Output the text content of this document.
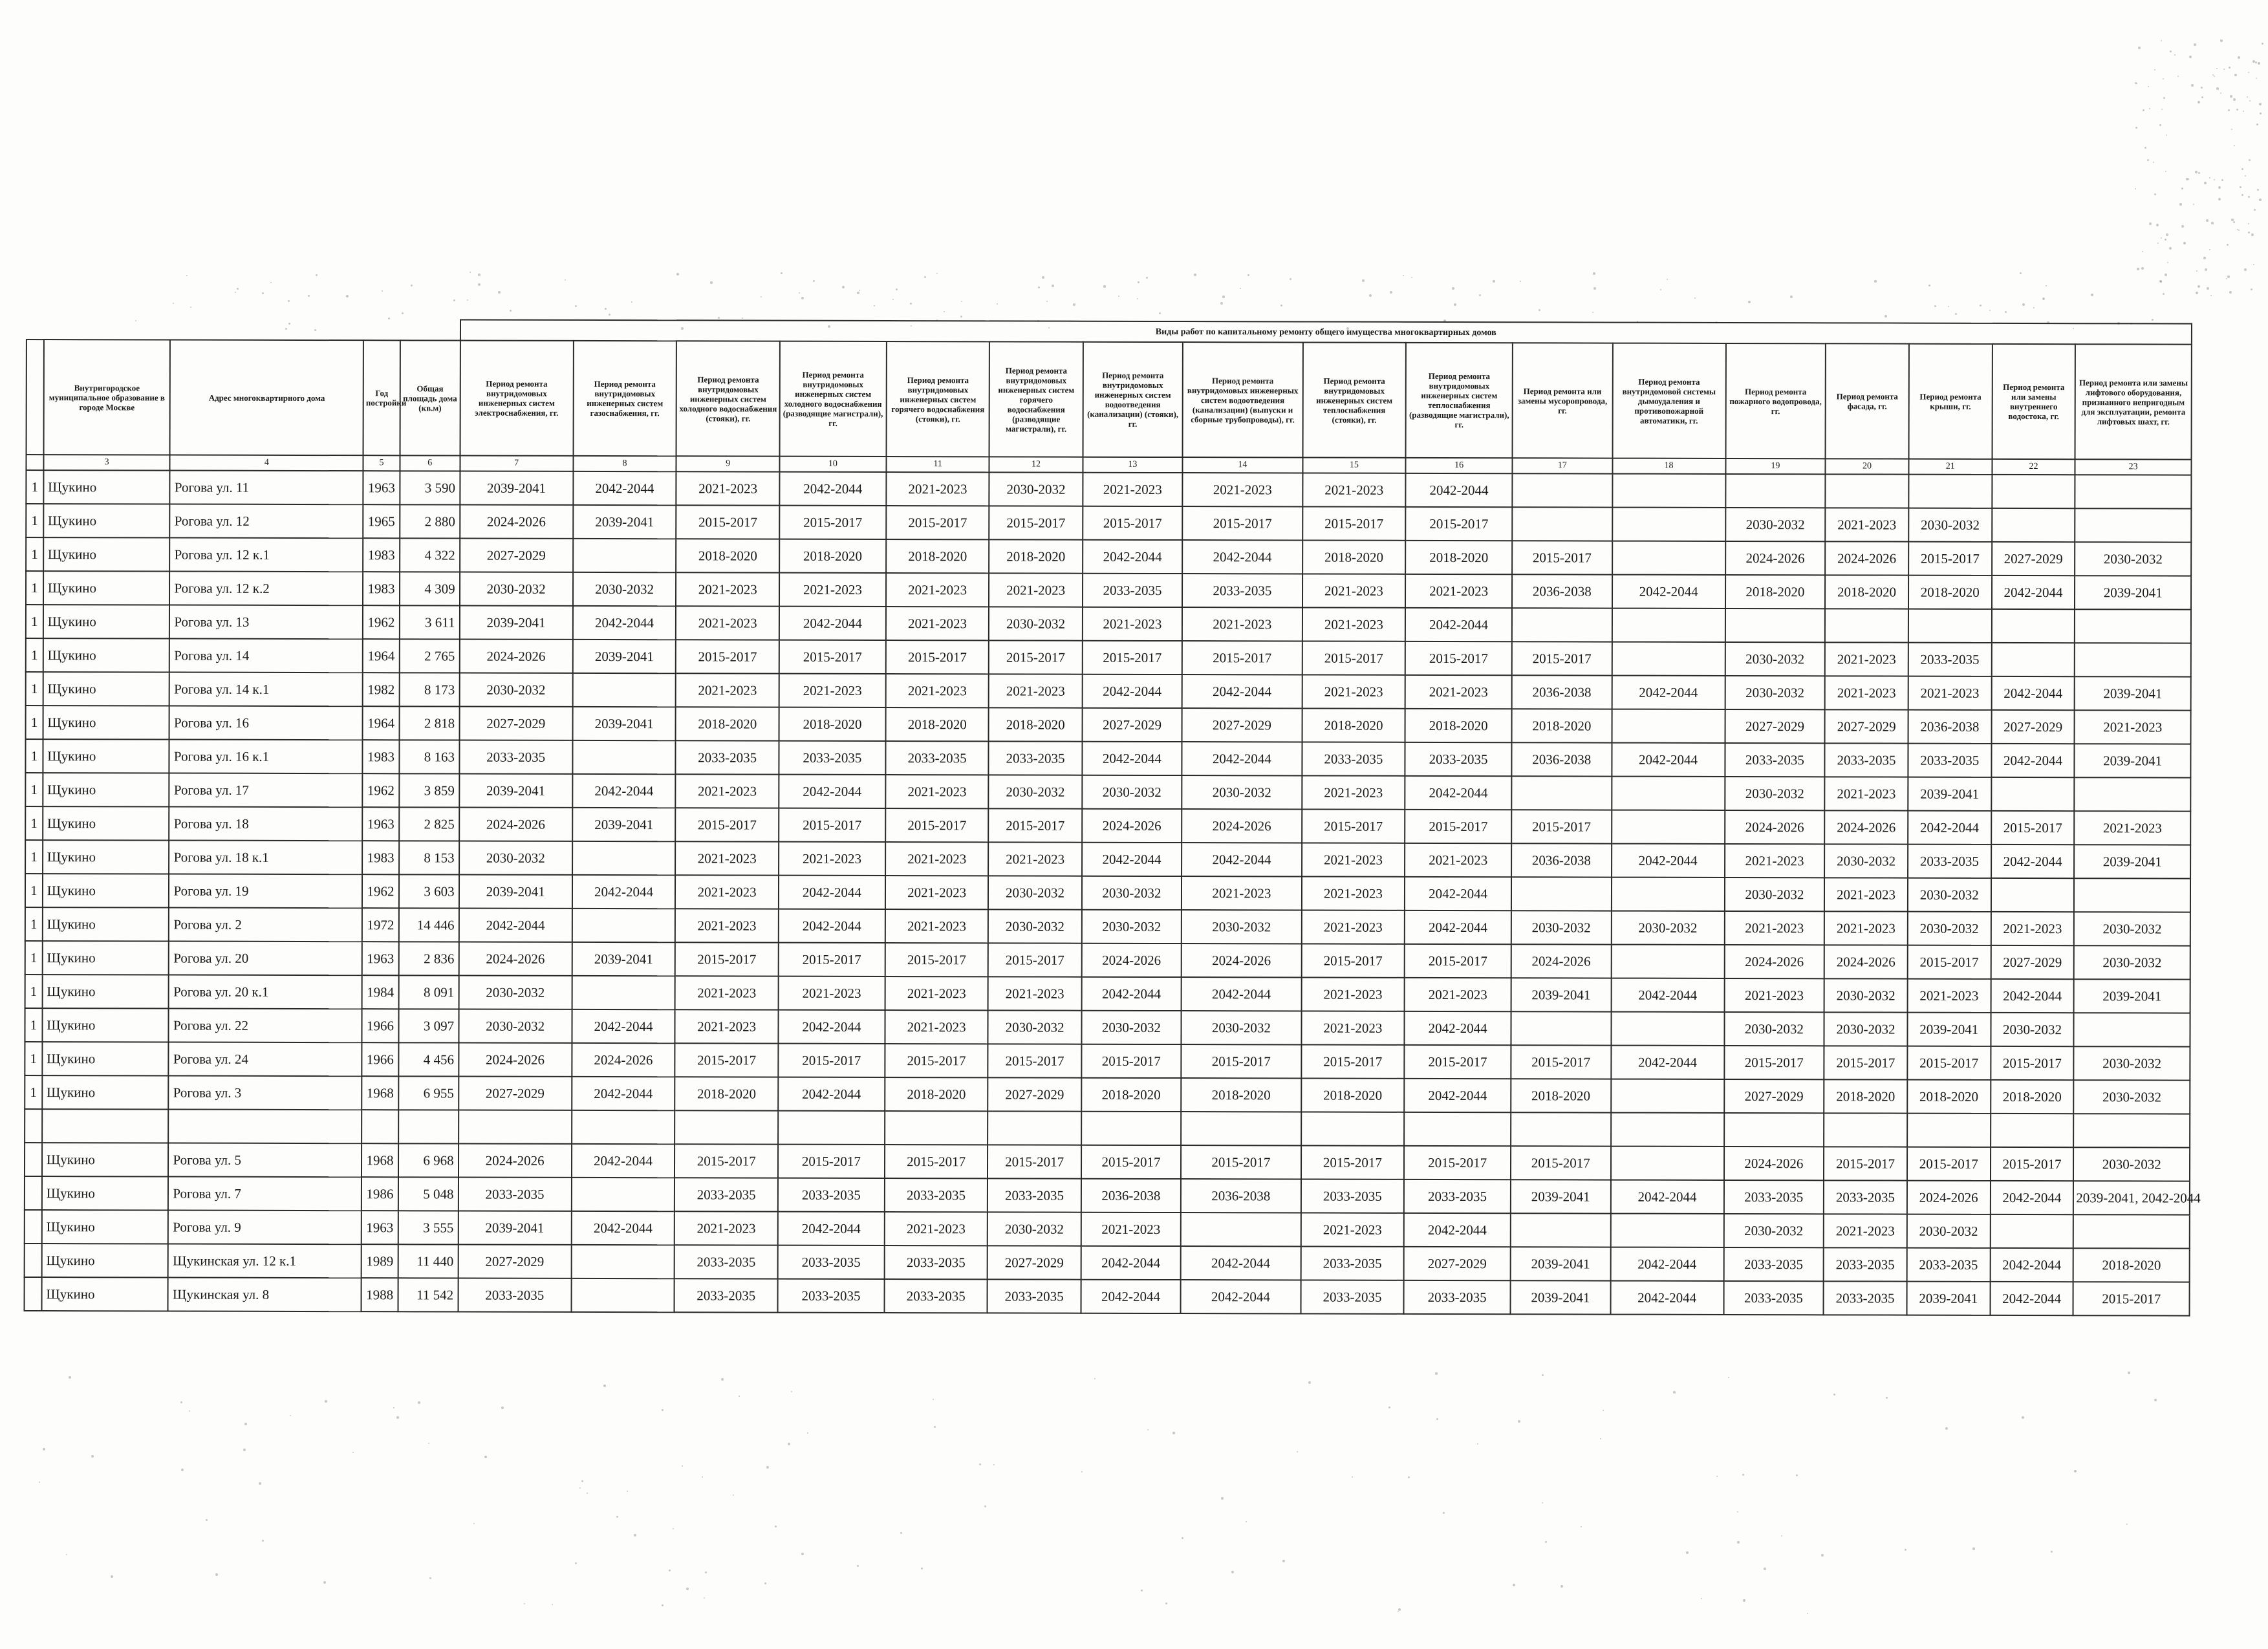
					Виды работ по капитальному ремонту общего имущества многоквартирных домов																
	Внутригородское муниципальное образование в городе Москве	Адрес многоквартирного дома	Год постройки	Общая площадь дома (кв.м)	Период ремонта внутридомовых инженерных систем электроснабжения, гг.	Период ремонта внутридомовых инженерных систем газоснабжения, гг.	Период ремонта внутридомовых инженерных систем холодного водоснабжения (стояки), гг.	Период ремонта внутридомовых инженерных систем холодного водоснабжения (разводящие магистрали), гг.	Период ремонта внутридомовых инженерных систем горячего водоснабжения (стояки), гг.	Период ремонта внутридомовых инженерных систем горячего водоснабжения (разводящие магистрали), гг.	Период ремонта внутридомовых инженерных систем водоотведения (канализации) (стояки), гг.	Период ремонта внутридомовых инженерных систем водоотведения (канализации) (выпуски и сборные трубопроводы), гг.	Период ремонта внутридомовых инженерных систем теплоснабжения (стояки), гг.	Период ремонта внутридомовых инженерных систем теплоснабжения (разводящие магистрали), гг.	Период ремонта или замены мусоропровода, гг.	Период ремонта внутридомовой системы дымоудаления и противопожарной автоматики, гг.	Период ремонта пожарного водопровода, гг.	Период ремонта фасада, гг.	Период ремонта крыши, гг.	Период ремонта или замены внутреннего водостока, гг.	Период ремонта или замены лифтового оборудования, признанного непригодным для эксплуатации, ремонта лифтовых шахт, гг.
	3	4	5	6	7	8	9	10	11	12	13	14	15	16	17	18	19	20	21	22	23
1	Щукино	Рогова ул. 11	1963	3 590	2039-2041	2042-2044	2021-2023	2042-2044	2021-2023	2030-2032	2021-2023	2021-2023	2021-2023	2042-2044							
1	Щукино	Рогова ул. 12	1965	2 880	2024-2026	2039-2041	2015-2017	2015-2017	2015-2017	2015-2017	2015-2017	2015-2017	2015-2017	2015-2017			2030-2032	2021-2023	2030-2032		
1	Щукино	Рогова ул. 12 к.1	1983	4 322	2027-2029		2018-2020	2018-2020	2018-2020	2018-2020	2042-2044	2042-2044	2018-2020	2018-2020	2015-2017		2024-2026	2024-2026	2015-2017	2027-2029	2030-2032
1	Щукино	Рогова ул. 12 к.2	1983	4 309	2030-2032	2030-2032	2021-2023	2021-2023	2021-2023	2021-2023	2033-2035	2033-2035	2021-2023	2021-2023	2036-2038	2042-2044	2018-2020	2018-2020	2018-2020	2042-2044	2039-2041
1	Щукино	Рогова ул. 13	1962	3 611	2039-2041	2042-2044	2021-2023	2042-2044	2021-2023	2030-2032	2021-2023	2021-2023	2021-2023	2042-2044							
1	Щукино	Рогова ул. 14	1964	2 765	2024-2026	2039-2041	2015-2017	2015-2017	2015-2017	2015-2017	2015-2017	2015-2017	2015-2017	2015-2017	2015-2017		2030-2032	2021-2023	2033-2035		
1	Щукино	Рогова ул. 14 к.1	1982	8 173	2030-2032		2021-2023	2021-2023	2021-2023	2021-2023	2042-2044	2042-2044	2021-2023	2021-2023	2036-2038	2042-2044	2030-2032	2021-2023	2021-2023	2042-2044	2039-2041
1	Щукино	Рогова ул. 16	1964	2 818	2027-2029	2039-2041	2018-2020	2018-2020	2018-2020	2018-2020	2027-2029	2027-2029	2018-2020	2018-2020	2018-2020		2027-2029	2027-2029	2036-2038	2027-2029	2021-2023
1	Щукино	Рогова ул. 16 к.1	1983	8 163	2033-2035		2033-2035	2033-2035	2033-2035	2033-2035	2042-2044	2042-2044	2033-2035	2033-2035	2036-2038	2042-2044	2033-2035	2033-2035	2033-2035	2042-2044	2039-2041
1	Щукино	Рогова ул. 17	1962	3 859	2039-2041	2042-2044	2021-2023	2042-2044	2021-2023	2030-2032	2030-2032	2030-2032	2021-2023	2042-2044			2030-2032	2021-2023	2039-2041		
1	Щукино	Рогова ул. 18	1963	2 825	2024-2026	2039-2041	2015-2017	2015-2017	2015-2017	2015-2017	2024-2026	2024-2026	2015-2017	2015-2017	2015-2017		2024-2026	2024-2026	2042-2044	2015-2017	2021-2023
1	Щукино	Рогова ул. 18 к.1	1983	8 153	2030-2032		2021-2023	2021-2023	2021-2023	2021-2023	2042-2044	2042-2044	2021-2023	2021-2023	2036-2038	2042-2044	2021-2023	2030-2032	2033-2035	2042-2044	2039-2041
1	Щукино	Рогова ул. 19	1962	3 603	2039-2041	2042-2044	2021-2023	2042-2044	2021-2023	2030-2032	2030-2032	2021-2023	2021-2023	2042-2044			2030-2032	2021-2023	2030-2032		
1	Щукино	Рогова ул. 2	1972	14 446	2042-2044		2021-2023	2042-2044	2021-2023	2030-2032	2030-2032	2030-2032	2021-2023	2042-2044	2030-2032	2030-2032	2021-2023	2021-2023	2030-2032	2021-2023	2030-2032
1	Щукино	Рогова ул. 20	1963	2 836	2024-2026	2039-2041	2015-2017	2015-2017	2015-2017	2015-2017	2024-2026	2024-2026	2015-2017	2015-2017	2024-2026		2024-2026	2024-2026	2015-2017	2027-2029	2030-2032
1	Щукино	Рогова ул. 20 к.1	1984	8 091	2030-2032		2021-2023	2021-2023	2021-2023	2021-2023	2042-2044	2042-2044	2021-2023	2021-2023	2039-2041	2042-2044	2021-2023	2030-2032	2021-2023	2042-2044	2039-2041
1	Щукино	Рогова ул. 22	1966	3 097	2030-2032	2042-2044	2021-2023	2042-2044	2021-2023	2030-2032	2030-2032	2030-2032	2021-2023	2042-2044			2030-2032	2030-2032	2039-2041	2030-2032	
1	Щукино	Рогова ул. 24	1966	4 456	2024-2026	2024-2026	2015-2017	2015-2017	2015-2017	2015-2017	2015-2017	2015-2017	2015-2017	2015-2017	2015-2017	2042-2044	2015-2017	2015-2017	2015-2017	2015-2017	2030-2032
1	Щукино	Рогова ул. 3	1968	6 955	2027-2029	2042-2044	2018-2020	2042-2044	2018-2020	2027-2029	2018-2020	2018-2020	2018-2020	2042-2044	2018-2020		2027-2029	2018-2020	2018-2020	2018-2020	2030-2032

	Щукино	Рогова ул. 5	1968	6 968	2024-2026	2042-2044	2015-2017	2015-2017	2015-2017	2015-2017	2015-2017	2015-2017	2015-2017	2015-2017	2015-2017		2024-2026	2015-2017	2015-2017	2015-2017	2030-2032
	Щукино	Рогова ул. 7	1986	5 048	2033-2035		2033-2035	2033-2035	2033-2035	2033-2035	2036-2038	2036-2038	2033-2035	2033-2035	2039-2041	2042-2044	2033-2035	2033-2035	2024-2026	2042-2044	2039-2041, 2042-2044
	Щукино	Рогова ул. 9	1963	3 555	2039-2041	2042-2044	2021-2023	2042-2044	2021-2023	2030-2032	2021-2023		2021-2023	2042-2044			2030-2032	2021-2023	2030-2032		
	Щукино	Щукинская ул. 12 к.1	1989	11 440	2027-2029		2033-2035	2033-2035	2033-2035	2027-2029	2042-2044	2042-2044	2033-2035	2027-2029	2039-2041	2042-2044	2033-2035	2033-2035	2033-2035	2042-2044	2018-2020
	Щукино	Щукинская ул. 8	1988	11 542	2033-2035		2033-2035	2033-2035	2033-2035	2033-2035	2042-2044	2042-2044	2033-2035	2033-2035	2039-2041	2042-2044	2033-2035	2033-2035	2039-2041	2042-2044	2015-2017
